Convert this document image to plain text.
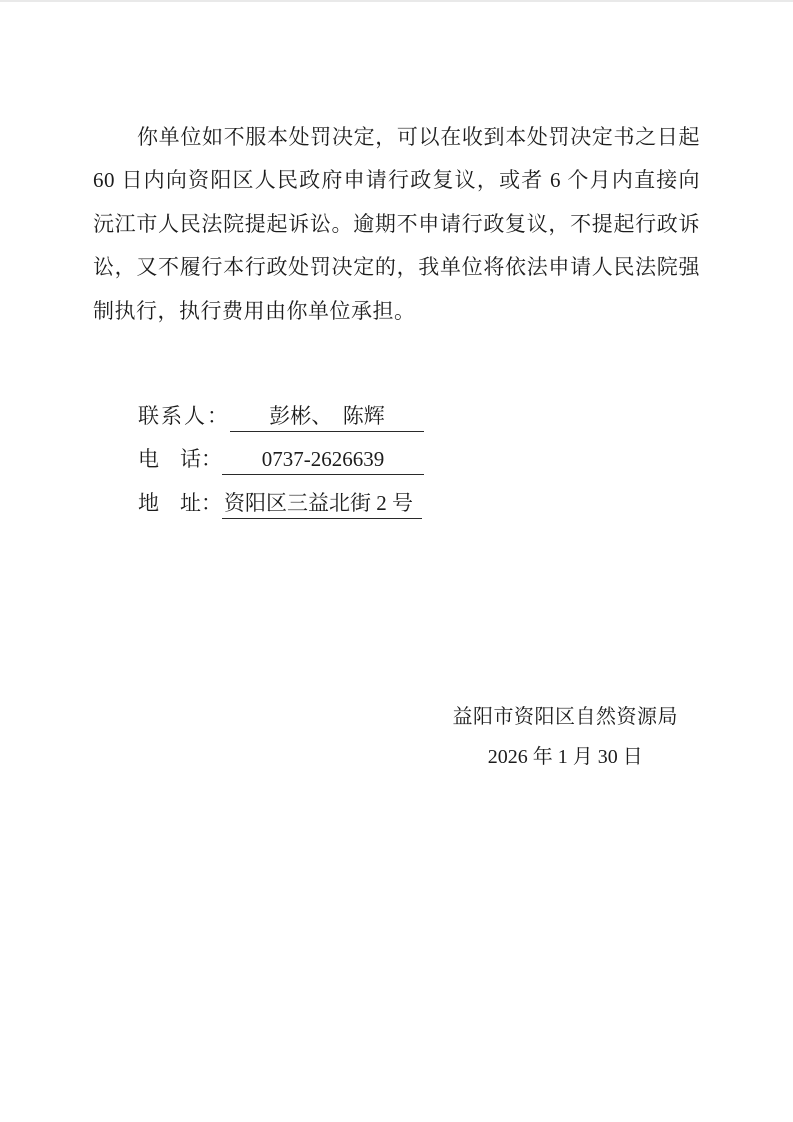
你单位如不服本处罚决定，可以在收到本处罚决定书之日起 60 日内向资阳区人民政府申请行政复议，或者 6 个月内直接向沅江市人民法院提起诉讼。逾期不申请行政复议，不提起行政诉讼，又不履行本行政处罚决定的，我单位将依法申请人民法院强制执行，执行费用由你单位承担。

联系人：	彭彬、　陈辉
电　话：	0737-2626639
地　址： 资阳区三益北街 2 号
益阳市资阳区自然资源局
2026 年 1 月 30 日
